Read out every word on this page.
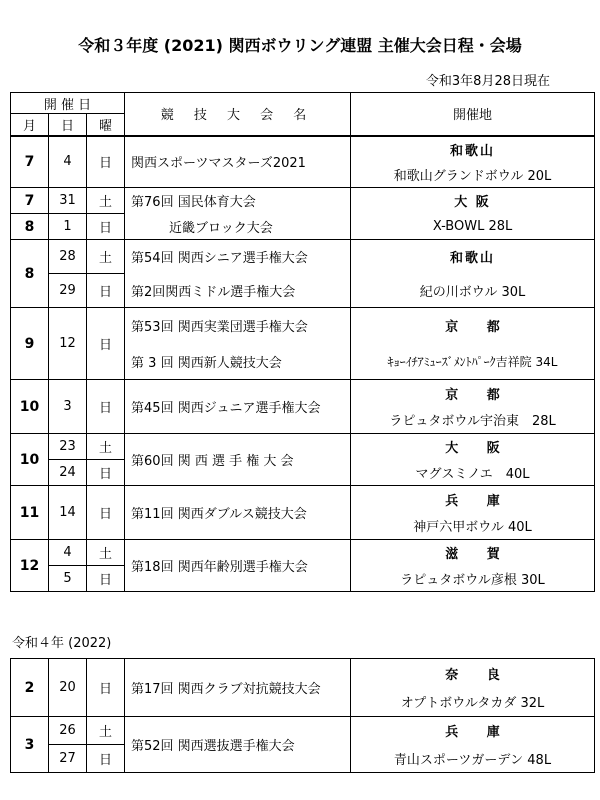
令和３年度 (2021) 関西ボウリング連盟 主催大会日程・会場
令和3年8月28日現在
開 催 日			競 技 大 会 名	開催地
月	日	曜		
7	4	日	関西スポーツマスターズ2021	和歌山
				和歌山グランドボウル 20L
7	31	土	第76回 国民体育大会	大 阪
8	1	日	近畿ブロック大会	X-BOWL 28L
8	28	土	第54回 関西シニア選手権大会	和歌山
	29	日	第2回関西ミドル選手権大会	紀の川ボウル 30L
9	12	日	第53回 関西実業団選手権大会	京 都
			第 3 回 関西新人競技大会	ｷｮｰｲﾁｱﾐｭｰｽﾞﾒﾝﾄﾊﾟｰｸ吉祥院 34L
10	3	日	第45回 関西ジュニア選手権大会	京 都
				ラピュタボウル宇治東　28L
10	23	土	第60回 関 西 選 手 権 大 会	大 阪
	24	日		マグスミノエ　40L
11	14	日	第11回 関西ダブルス競技大会	兵 庫
				神戸六甲ボウル 40L
12	4	土	第18回 関西年齢別選手権大会	滋 賀
	5	日		ラピュタボウル彦根 30L
令和４年 (2022)
2	20	日	第17回 関西クラブ対抗競技大会	奈 良
				オプトボウルタカダ 32L
3	26	土	第52回 関西選抜選手権大会	兵 庫
	27	日		青山スポーツガーデン 48L
